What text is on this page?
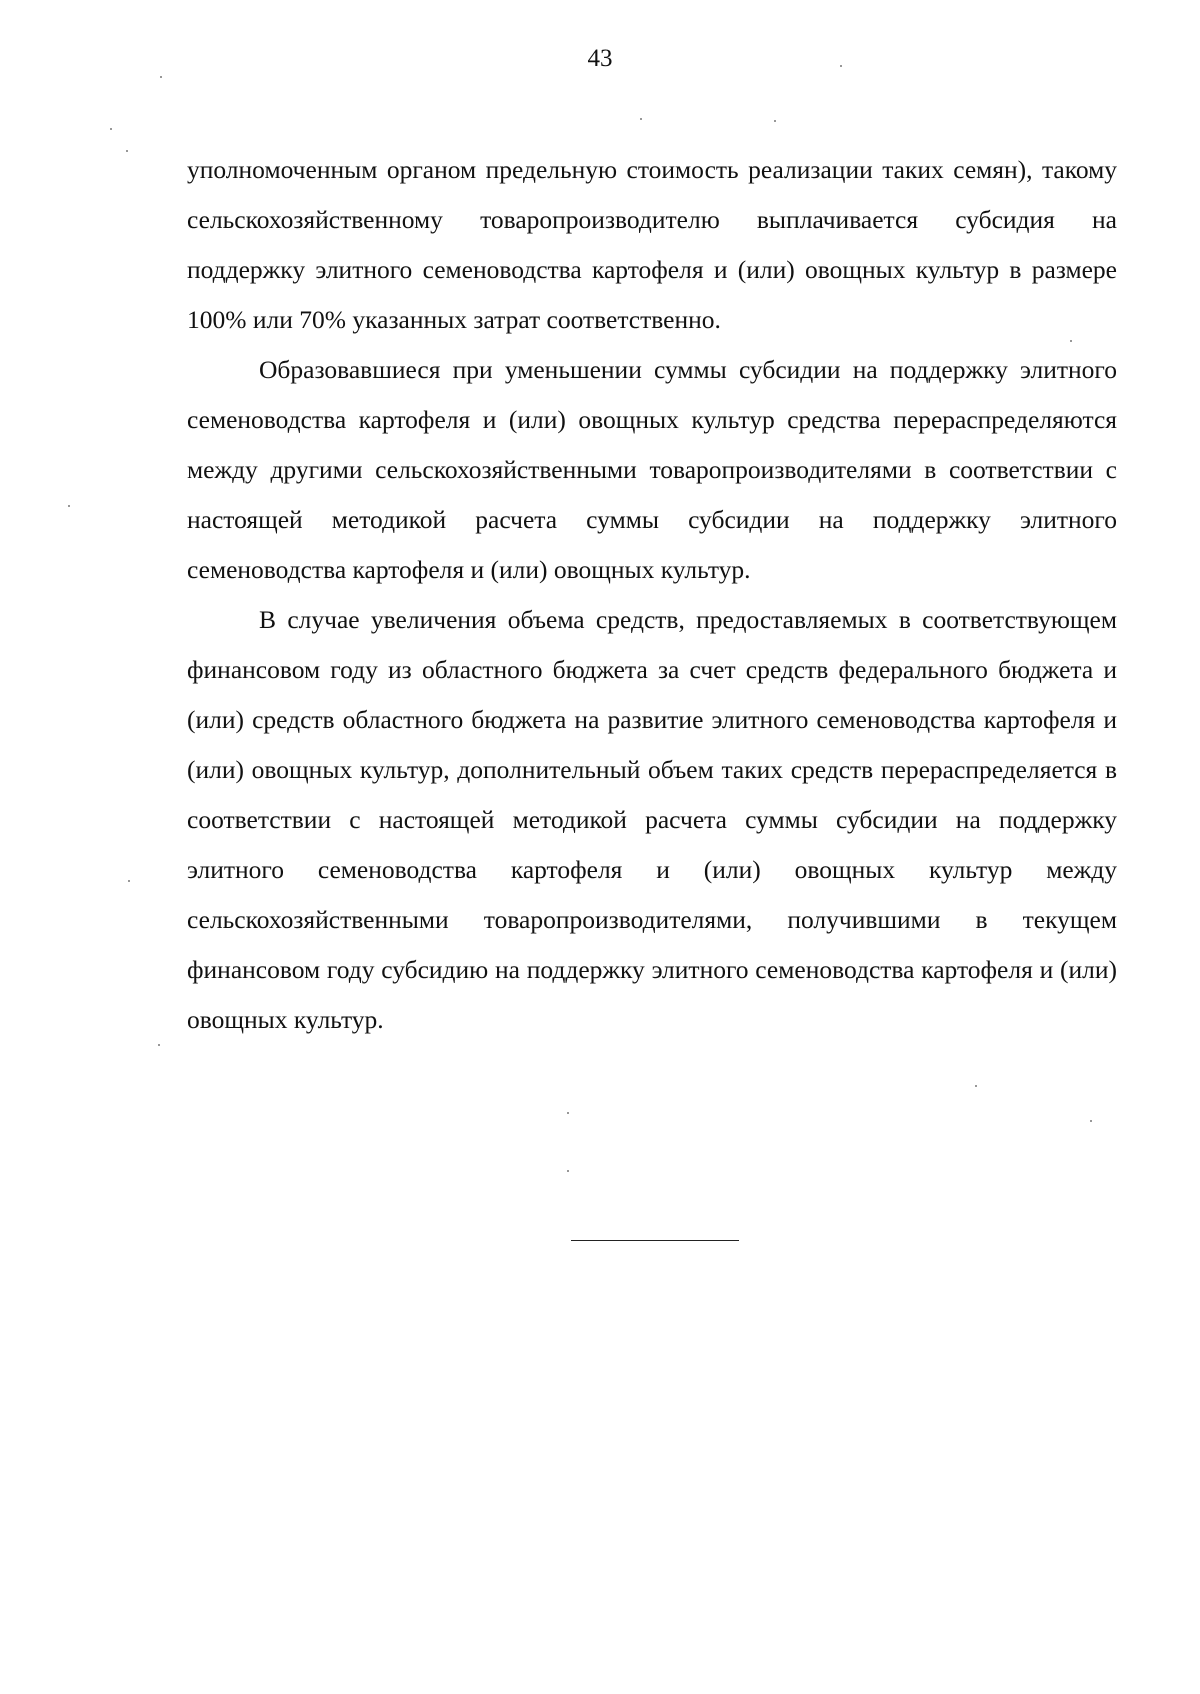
43

уполномоченным органом предельную стоимость реализации таких семян), такому сельскохозяйственному товаропроизводителю выплачивается субсидия на поддержку элитного семеноводства картофеля и (или) овощных культур в размере 100% или 70% указанных затрат соответственно.

Образовавшиеся при уменьшении суммы субсидии на поддержку элитного семеноводства картофеля и (или) овощных культур средства перераспределяются между другими сельскохозяйственными товаропроизводителями в соответствии с настоящей методикой расчета суммы субсидии на поддержку элитного семеноводства картофеля и (или) овощных культур.

В случае увеличения объема средств, предоставляемых в соответствующем финансовом году из областного бюджета за счет средств федерального бюджета и (или) средств областного бюджета на развитие элитного семеноводства картофеля и (или) овощных культур, дополнительный объем таких средств перераспределяется в соответствии с настоящей методикой расчета суммы субсидии на поддержку элитного семеноводства картофеля и (или) овощных культур между сельскохозяйственными товаропроизводителями, получившими в текущем финансовом году субсидию на поддержку элитного семеноводства картофеля и (или) овощных культур.
